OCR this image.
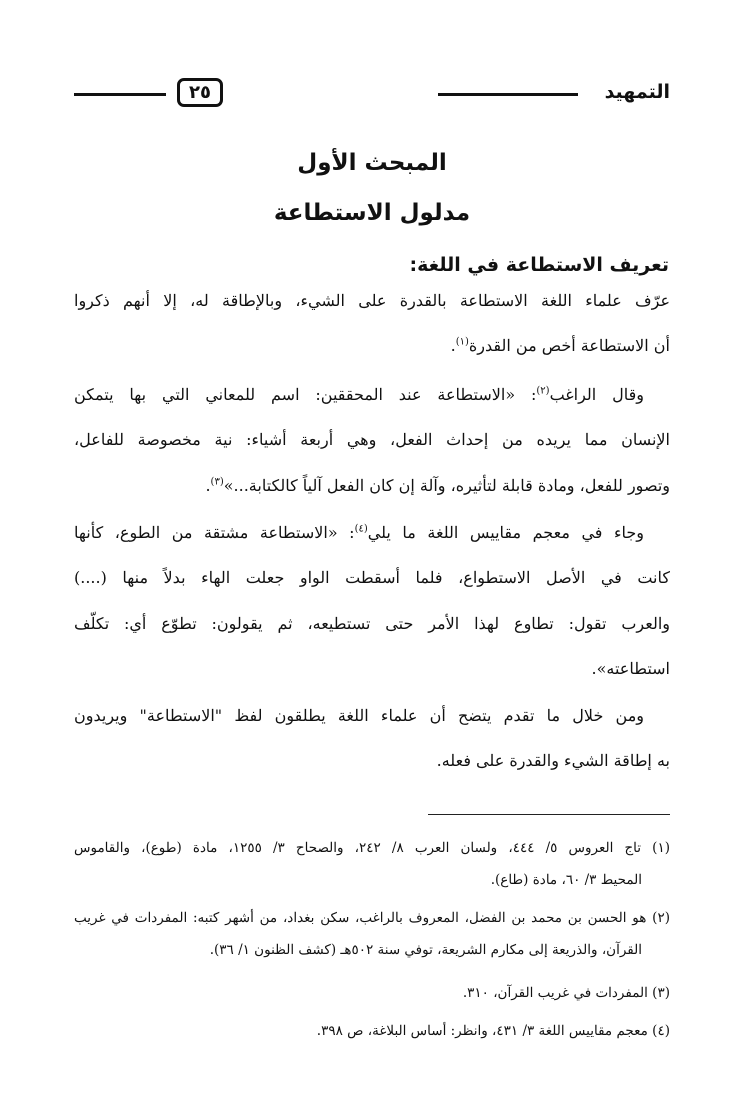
التمهيد
٢٥
المبحث الأول
مدلول الاستطاعة
تعريف الاستطاعة في اللغة:
عرّف علماء اللغة الاستطاعة بالقدرة على الشيء، وبالإطاقة له، إلا أنهم ذكروا
أن الاستطاعة أخص من القدرة$^{(١)}$.
وقال الراغب$^{(٢)}$: «الاستطاعة عند المحققين: اسم للمعاني التي بها يتمكن
الإنسان مما يريده من إحداث الفعل، وهي أربعة أشياء: نية مخصوصة للفاعل،
وتصور للفعل، ومادة قابلة لتأثيره، وآلة إن كان الفعل آلياً كالكتابة...»$^{(٣)}$.
وجاء في معجم مقاييس اللغة ما يلي$^{(٤)}$: «الاستطاعة مشتقة من الطوع، كأنها
كانت في الأصل الاستطواع، فلما أسقطت الواو جعلت الهاء بدلاً منها (....)
والعرب تقول: تطاوع لهذا الأمر حتى تستطيعه، ثم يقولون: تطوّع أي: تكلّف
استطاعته».
ومن خلال ما تقدم يتضح أن علماء اللغة يطلقون لفظ "الاستطاعة" ويريدون
به إطاقة الشيء والقدرة على فعله.
(١) تاج العروس ٥/ ٤٤٤، ولسان العرب ٨/ ٢٤٢، والصحاح ٣/ ١٢٥٥، مادة (طوع)، والقاموس
المحيط ٣/ ٦٠، مادة (طاع).
(٢) هو الحسن بن محمد بن الفضل، المعروف بالراغب، سكن بغداد، من أشهر كتبه: المفردات في غريب
القرآن، والذريعة إلى مكارم الشريعة، توفي سنة ٥٠٢هـ (كشف الظنون ١/ ٣٦).
(٣) المفردات في غريب القرآن، ٣١٠.
(٤) معجم مقاييس اللغة ٣/ ٤٣١، وانظر: أساس البلاغة، ص ٣٩٨.
